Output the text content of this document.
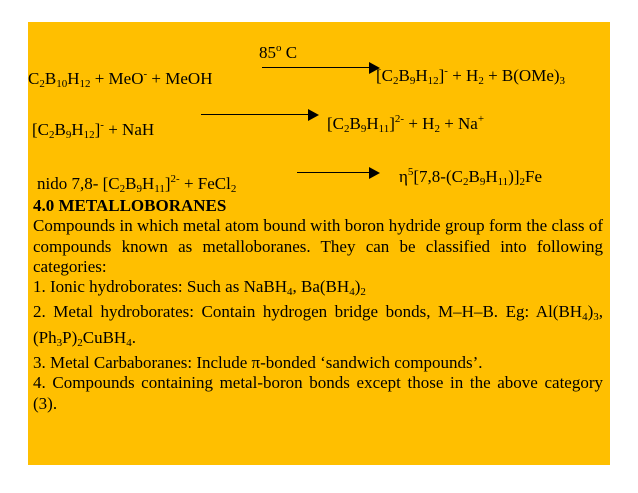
85$^o$ C
C2B10H12 + MeO- + MeOH	[C2B9H12]- + H2 + B(OMe)3
[C2B9H12]- + NaH	$[C2B9H11]^{2-} + H2 + Na^+$
nido 7,8- $[C2B9H11]^{2-}$ + FeCl2
$\eta^5[7,8-(C2B9H11)]2Fe$
4.0 METALLOBORANES
Compounds in which metal atom bound with boron hydride group form the class of compounds known as metalloboranes. They can be classified into following categories:
1. Ionic hydroborates: Such as NaBH4, Ba(BH4)2
2. Metal hydroborates: Contain hydrogen bridge bonds, M–H–B. Eg: Al(BH4)3, (Ph3P)2CuBH4.
3. Metal Carbaboranes: Include π-bonded ‘sandwich compounds’.
4. Compounds containing metal-boron bonds except those in the above category (3).
